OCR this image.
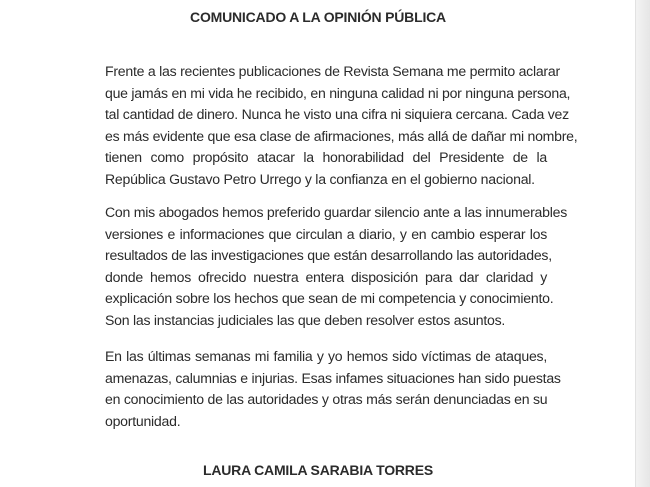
COMUNICADO A LA OPINIÓN PÚBLICA

Frente a las recientes publicaciones de Revista Semana me permito aclarar
que jamás en mi vida he recibido, en ninguna calidad ni por ninguna persona,
tal cantidad de dinero. Nunca he visto una cifra ni siquiera cercana. Cada vez
es más evidente que esa clase de afirmaciones, más allá de dañar mi nombre,
tienen como propósito atacar la honorabilidad del Presidente de la
República Gustavo Petro Urrego y la confianza en el gobierno nacional.

Con mis abogados hemos preferido guardar silencio ante a las innumerables
versiones e informaciones que circulan a diario, y en cambio esperar los
resultados de las investigaciones que están desarrollando las autoridades,
donde hemos ofrecido nuestra entera disposición para dar claridad y
explicación sobre los hechos que sean de mi competencia y conocimiento.
Son las instancias judiciales las que deben resolver estos asuntos.

En las últimas semanas mi familia y yo hemos sido víctimas de ataques,
amenazas, calumnias e injurias. Esas infames situaciones han sido puestas
en conocimiento de las autoridades y otras más serán denunciadas en su
oportunidad.

LAURA CAMILA SARABIA TORRES
